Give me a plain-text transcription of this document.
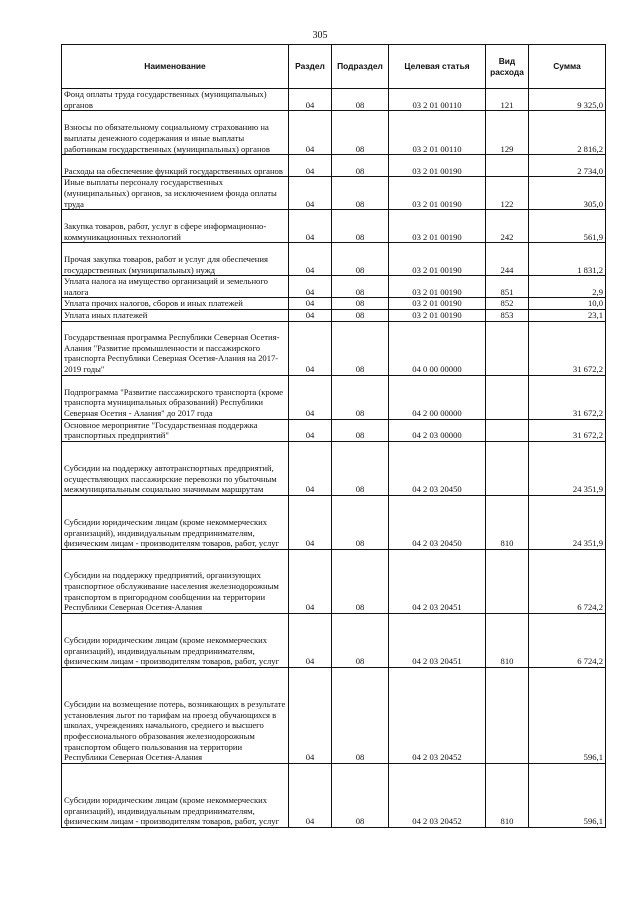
305
Наименование	Раздел	Подраздел	Целевая статья	Вид расхода	Сумма
Фонд оплаты труда государственных (муниципальных) органов	04	08	03 2 01 00110	121	9 325,0
Взносы по обязательному социальному страхованию на выплаты денежного содержания и иные выплаты работникам государственных (муниципальных) органов	04	08	03 2 01 00110	129	2 816,2
Расходы на обеспечение функций государственных органов	04	08	03 2 01 00190		2 734,0
Иные выплаты персоналу государственных (муниципальных) органов, за исключением фонда оплаты труда	04	08	03 2 01 00190	122	305,0
Закупка товаров, работ, услуг в сфере информационно-коммуникационных технологий	04	08	03 2 01 00190	242	561,9
Прочая закупка товаров, работ и услуг для обеспечения государственных (муниципальных) нужд	04	08	03 2 01 00190	244	1 831,2
Уплата налога на имущество организаций и земельного налога	04	08	03 2 01 00190	851	2,9
Уплата прочих налогов, сборов и иных платежей	04	08	03 2 01 00190	852	10,0
Уплата иных платежей	04	08	03 2 01 00190	853	23,1
Государственная программа Республики Северная Осетия-Алания "Развитие промышленности и пассажирского транспорта Республики Северная Осетия-Алания на 2017-2019 годы"	04	08	04 0 00 00000		31 672,2
Подпрограмма "Развитие пассажирского транспорта (кроме транспорта муниципальных образований) Республики Северная Осетия - Алания" до 2017 года	04	08	04 2 00 00000		31 672,2
Основное мероприятие "Государственная поддержка транспортных предприятий"	04	08	04 2 03 00000		31 672,2
Субсидии на поддержку автотранспортных предприятий, осуществляющих пассажирские перевозки по убыточным межмуниципальным социально значимым маршрутам	04	08	04 2 03 20450		24 351,9
Субсидии юридическим лицам (кроме некоммерческих организаций), индивидуальным предпринимателям, физическим лицам - производителям товаров, работ, услуг	04	08	04 2 03 20450	810	24 351,9
Субсидии на поддержку предприятий, организующих транспортное обслуживание населения железнодорожным транспортом в пригородном сообщении на территории Республики Северная Осетия-Алания	04	08	04 2 03 20451		6 724,2
Субсидии юридическим лицам (кроме некоммерческих организаций), индивидуальным предпринимателям, физическим лицам - производителям товаров, работ, услуг	04	08	04 2 03 20451	810	6 724,2
Субсидии на возмещение потерь, возникающих в результате установления льгот по тарифам на проезд обучающихся в школах, учреждениях начального, среднего и высшего профессионального образования железнодорожным транспортом общего пользования на территории Республики Северная Осетия-Алания	04	08	04 2 03 20452		596,1
Субсидии юридическим лицам (кроме некоммерческих организаций), индивидуальным предпринимателям, физическим лицам - производителям товаров, работ, услуг	04	08	04 2 03 20452	810	596,1
